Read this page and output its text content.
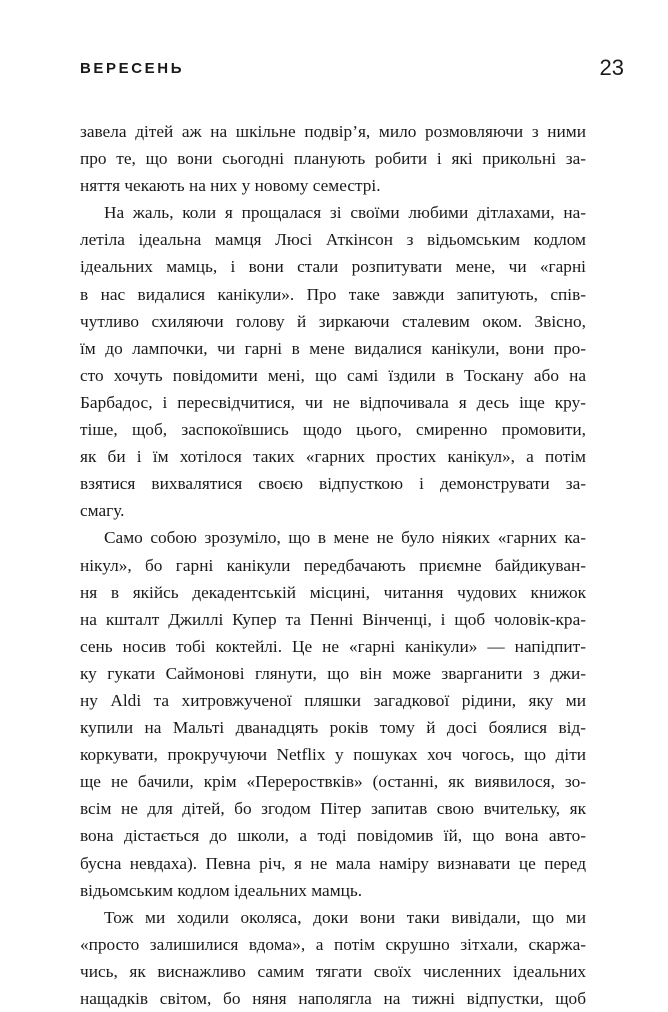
ВЕРЕСЕНЬ	23

завела дітей аж на шкільне подвір’я, мило розмовляючи з ними
про те, що вони сьогодні планують робити і які прикольні за-
няття чекають на них у новому семестрі.

На жаль, коли я прощалася зі своїми любими дітлахами, на-
летіла ідеальна мамця Люсі Аткінсон з відьомським кодлом
ідеальних мамць, і вони стали розпитувати мене, чи «гарні
в нас видалися канікули». Про таке завжди запитують, спів-
чутливо схиляючи голову й зиркаючи сталевим оком. Звісно,
їм до лампочки, чи гарні в мене видалися канікули, вони про-
сто хочуть повідомити мені, що самі їздили в Тоскану або на
Барбадос, і пересвідчитися, чи не відпочивала я десь іще кру-
тіше, щоб, заспокоївшись щодо цього, смиренно промовити,
як би і їм хотілося таких «гарних простих канікул», а потім
взятися вихвалятися своєю відпусткою і демонструвати за-
смагу.

Само собою зрозуміло, що в мене не було ніяких «гарних ка-
нікул», бо гарні канікули передбачають приємне байдикуван-
ня в якійсь декадентській місцині, читання чудових книжок
на кшталт Джиллі Купер та Пенні Вінченці, і щоб чоловік-кра-
сень носив тобі коктейлі. Це не «гарні канікули» — напідпит-
ку гукати Саймонові глянути, що він може зварганити з джи-
ну Aldi та хитровжученої пляшки загадкової рідини, яку ми
купили на Мальті дванадцять років тому й досі боялися від-
коркувати, прокручуючи Netflix у пошуках хоч чогось, що діти
ще не бачили, крім «Перероствків» (останні, як виявилося, зо-
всім не для дітей, бо згодом Пітер запитав свою вчительку, як
вона дістається до школи, а тоді повідомив їй, що вона авто-
бусна невдаха). Певна річ, я не мала наміру визнавати це перед
відьомським кодлом ідеальних мамць.

Тож ми ходили околяса, доки вони таки вивідали, що ми
«просто залишилися вдома», а потім скрушно зітхали, скаржа-
чись, як виснажливо самим тягати своїх численних ідеальних
нащадків світом, бо няня наполягла на тижні відпустки, щоб
